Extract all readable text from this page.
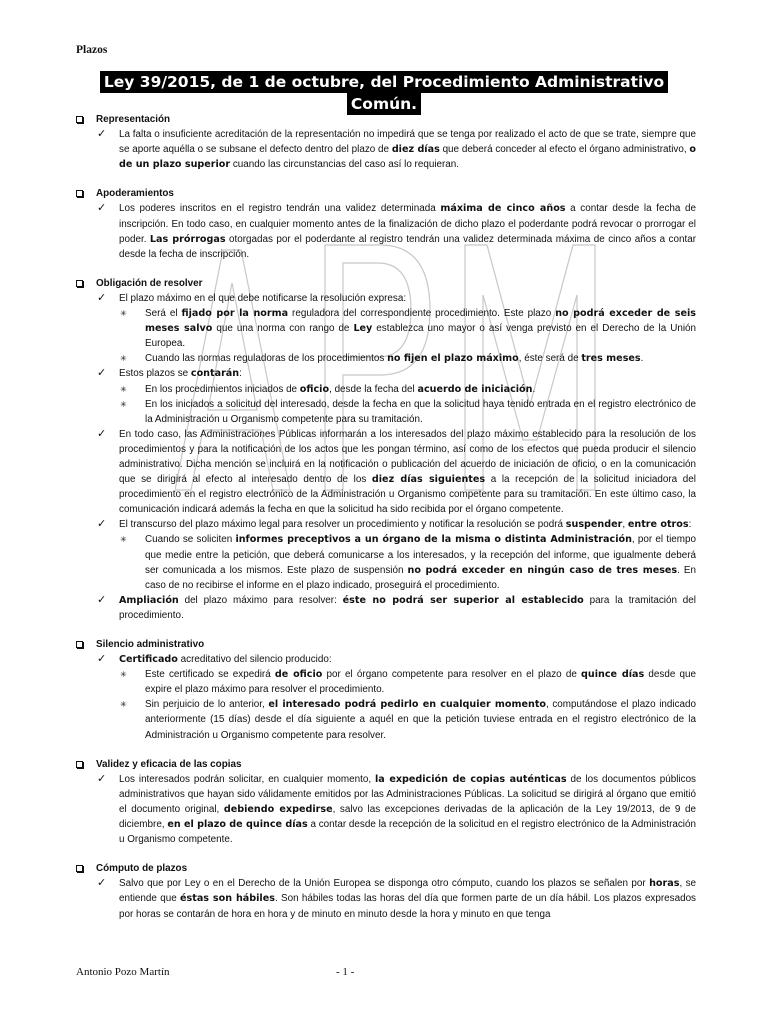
Plazos
Ley 39/2015, de 1 de octubre, del Procedimiento Administrativo
Común.
Representación
✓ La falta o insuficiente acreditación de la representación no impedirá que se tenga por realizado el acto de que se trate, siempre que se aporte aquélla o se subsane el defecto dentro del plazo de diez días que deberá conceder al efecto el órgano administrativo, o de un plazo superior cuando las circunstancias del caso así lo requieran.
Apoderamientos
✓ Los poderes inscritos en el registro tendrán una validez determinada máxima de cinco años a contar desde la fecha de inscripción. En todo caso, en cualquier momento antes de la finalización de dicho plazo el poderdante podrá revocar o prorrogar el poder. Las prórrogas otorgadas por el poderdante al registro tendrán una validez determinada máxima de cinco años a contar desde la fecha de inscripción.
Obligación de resolver
✓ El plazo máximo en el que debe notificarse la resolución expresa:
✳ Será el fijado por la norma reguladora del correspondiente procedimiento. Este plazo no podrá exceder de seis meses salvo que una norma con rango de Ley establezca uno mayor o así venga previsto en el Derecho de la Unión Europea.
✳ Cuando las normas reguladoras de los procedimientos no fijen el plazo máximo, éste será de tres meses.
✓ Estos plazos se contarán:
✳ En los procedimientos iniciados de oficio, desde la fecha del acuerdo de iniciación.
✳ En los iniciados a solicitud del interesado, desde la fecha en que la solicitud haya tenido entrada en el registro electrónico de la Administración u Organismo competente para su tramitación.
✓ En todo caso, las Administraciones Públicas informarán a los interesados del plazo máximo establecido para la resolución de los procedimientos y para la notificación de los actos que les pongan término, así como de los efectos que pueda producir el silencio administrativo. Dicha mención se incluirá en la notificación o publicación del acuerdo de iniciación de oficio, o en la comunicación que se dirigirá al efecto al interesado dentro de los diez días siguientes a la recepción de la solicitud iniciadora del procedimiento en el registro electrónico de la Administración u Organismo competente para su tramitación. En este último caso, la comunicación indicará además la fecha en que la solicitud ha sido recibida por el órgano competente.
✓ El transcurso del plazo máximo legal para resolver un procedimiento y notificar la resolución se podrá suspender, entre otros:
✳ Cuando se soliciten informes preceptivos a un órgano de la misma o distinta Administración, por el tiempo que medie entre la petición, que deberá comunicarse a los interesados, y la recepción del informe, que igualmente deberá ser comunicada a los mismos. Este plazo de suspensión no podrá exceder en ningún caso de tres meses. En caso de no recibirse el informe en el plazo indicado, proseguirá el procedimiento.
✓ Ampliación del plazo máximo para resolver: éste no podrá ser superior al establecido para la tramitación del procedimiento.
Silencio administrativo
✓ Certificado acreditativo del silencio producido:
✳ Este certificado se expedirá de oficio por el órgano competente para resolver en el plazo de quince días desde que expire el plazo máximo para resolver el procedimiento.
✳ Sin perjuicio de lo anterior, el interesado podrá pedirlo en cualquier momento, computándose el plazo indicado anteriormente (15 días) desde el día siguiente a aquél en que la petición tuviese entrada en el registro electrónico de la Administración u Organismo competente para resolver.
Validez y eficacia de las copias
✓ Los interesados podrán solicitar, en cualquier momento, la expedición de copias auténticas de los documentos públicos administrativos que hayan sido válidamente emitidos por las Administraciones Públicas. La solicitud se dirigirá al órgano que emitió el documento original, debiendo expedirse, salvo las excepciones derivadas de la aplicación de la Ley 19/2013, de 9 de diciembre, en el plazo de quince días a contar desde la recepción de la solicitud en el registro electrónico de la Administración u Organismo competente.
Cómputo de plazos
✓ Salvo que por Ley o en el Derecho de la Unión Europea se disponga otro cómputo, cuando los plazos se señalen por horas, se entiende que éstas son hábiles. Son hábiles todas las horas del día que formen parte de un día hábil. Los plazos expresados por horas se contarán de hora en hora y de minuto en minuto desde la hora y minuto en que tenga
Antonio Pozo Martín	- 1 -
